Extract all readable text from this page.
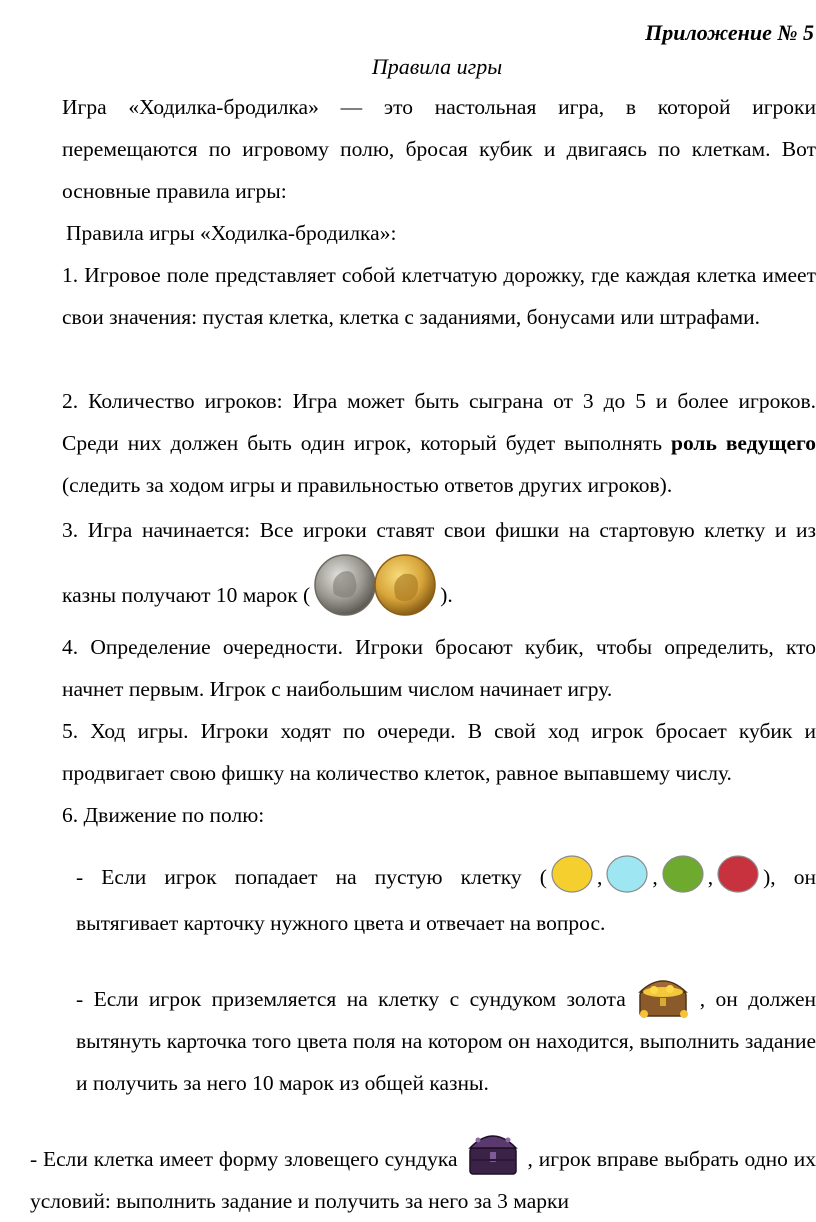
Приложение № 5
Правила игры
Игра «Ходилка-бродилка» — это настольная игра, в которой игроки перемещаются по игровому полю, бросая кубик и двигаясь по клеткам. Вот основные правила игры:
Правила игры «Ходилка-бродилка»:
1. Игровое поле представляет собой клетчатую дорожку, где каждая клетка имеет свои значения: пустая клетка, клетка с заданиями, бонусами или штрафами.
2. Количество игроков: Игра может быть сыграна от 3 до 5 и более игроков. Среди них должен быть один игрок, который будет выполнять роль ведущего (следить за ходом игры и правильностью ответов других игроков).
3. Игра начинается: Все игроки ставят свои фишки на стартовую клетку и из казны получают 10 марок (	).
4. Определение очередности. Игроки бросают кубик, чтобы определить, кто начнет первым. Игрок с наибольшим числом начинает игру.
5. Ход игры. Игроки ходят по очереди. В свой ход игрок бросает кубик и продвигает свою фишку на количество клеток, равное выпавшему числу.
6. Движение по полю:
- Если игрок попадает на пустую клетку ( , , , ), он вытягивает карточку нужного цвета и отвечает на вопрос.
- Если игрок приземляется на клетку с сундуком золота	, он должен вытянуть карточка того цвета поля на котором он находится, выполнить задание и получить за него 10 марок из общей казны.
- Если клетка имеет форму зловещего сундука	, игрок вправе выбрать одно их условий: выполнить задание и получить за него за 3 марки
